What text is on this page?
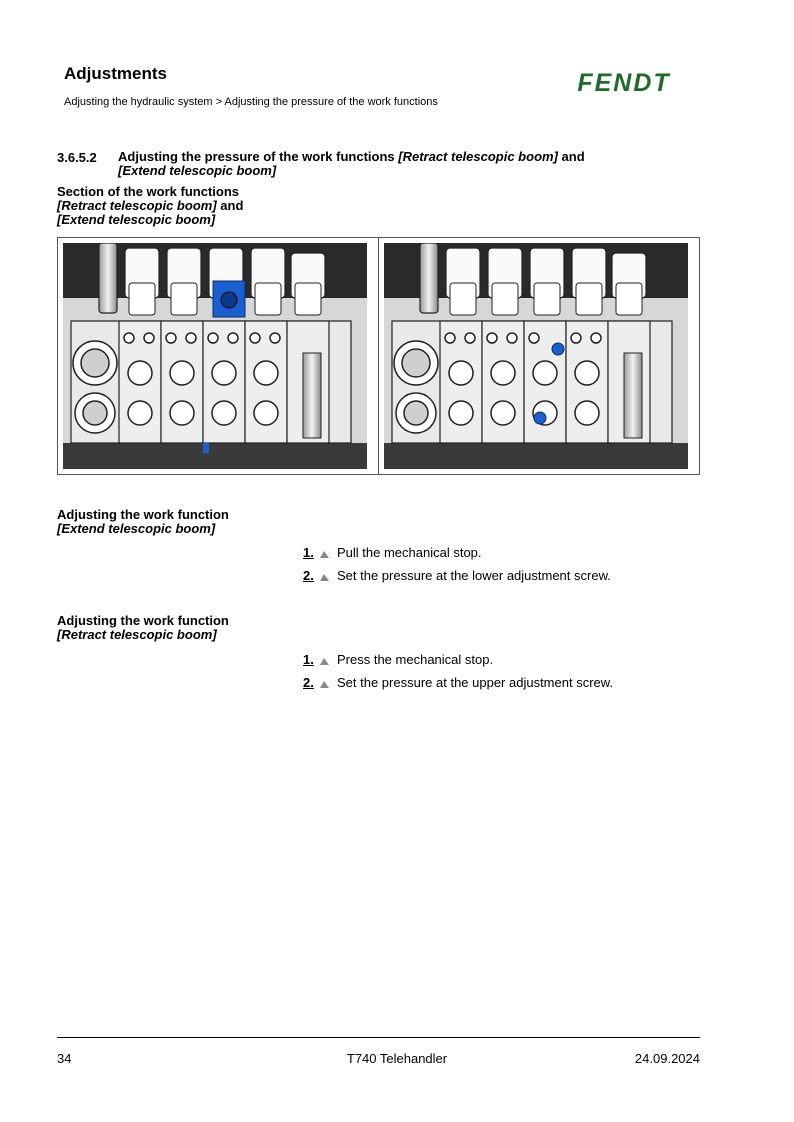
Adjustments
Adjusting the hydraulic system > Adjusting the pressure of the work functions
FENDT
3.6.5.2 Adjusting the pressure of the work functions [Retract telescopic boom] and
[Extend telescopic boom]
Section of the work functions
[Retract telescopic boom] and
[Extend telescopic boom]
Adjusting the work function
[Extend telescopic boom]
1. Pull the mechanical stop.
2. Set the pressure at the lower adjustment screw.
Adjusting the work function
[Retract telescopic boom]
1. Press the mechanical stop.
2. Set the pressure at the upper adjustment screw.
34	T740 Telehandler	24.09.2024
